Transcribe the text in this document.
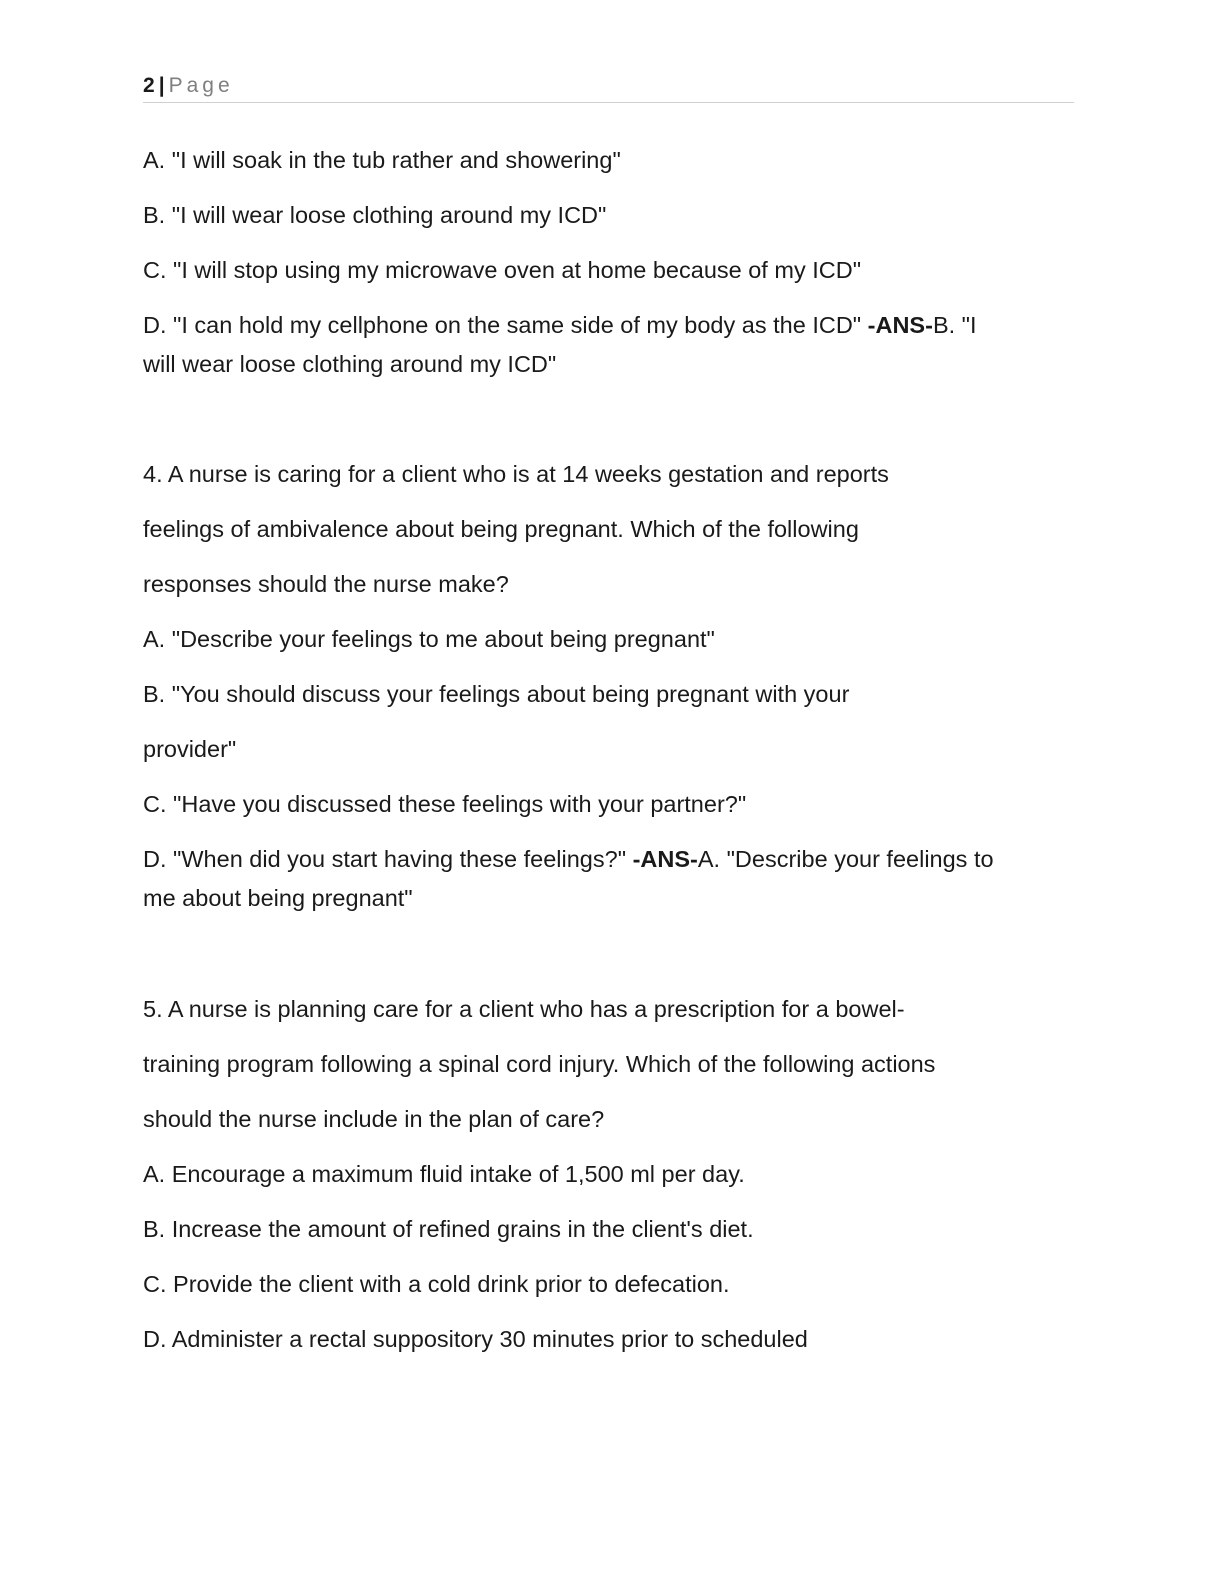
2 | Page
A. "I will soak in the tub rather and showering"
B. "I will wear loose clothing around my ICD"
C. "I will stop using my microwave oven at home because of my ICD"
D. "I can hold my cellphone on the same side of my body as the ICD" -ANS-B. "I
will wear loose clothing around my ICD"
4. A nurse is caring for a client who is at 14 weeks gestation and reports
feelings of ambivalence about being pregnant. Which of the following
responses should the nurse make?
A. "Describe your feelings to me about being pregnant"
B. "You should discuss your feelings about being pregnant with your
provider"
C. "Have you discussed these feelings with your partner?"
D. "When did you start having these feelings?" -ANS-A. "Describe your feelings to
me about being pregnant"
5. A nurse is planning care for a client who has a prescription for a bowel-
training program following a spinal cord injury. Which of the following actions
should the nurse include in the plan of care?
A. Encourage a maximum fluid intake of 1,500 ml per day.
B. Increase the amount of refined grains in the client's diet.
C. Provide the client with a cold drink prior to defecation.
D. Administer a rectal suppository 30 minutes prior to scheduled
